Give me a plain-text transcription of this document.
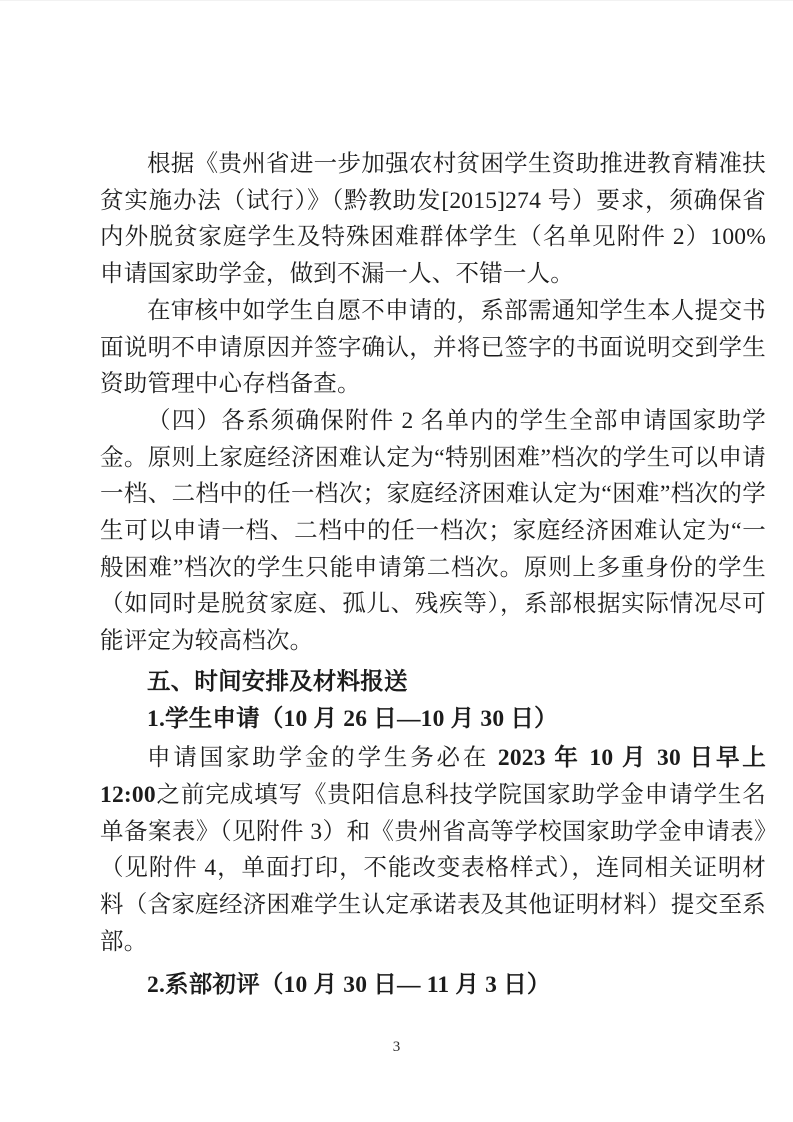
根据《贵州省进一步加强农村贫困学生资助推进教育精准扶贫实施办法（试行）》（黔教助发[2015]274 号）要求，须确保省内外脱贫家庭学生及特殊困难群体学生（名单见附件 2）100%申请国家助学金，做到不漏一人、不错一人。

在审核中如学生自愿不申请的，系部需通知学生本人提交书面说明不申请原因并签字确认，并将已签字的书面说明交到学生资助管理中心存档备查。

（四）各系须确保附件 2 名单内的学生全部申请国家助学金。原则上家庭经济困难认定为“特别困难”档次的学生可以申请一档、二档中的任一档次；家庭经济困难认定为“困难”档次的学生可以申请一档、二档中的任一档次；家庭经济困难认定为“一般困难”档次的学生只能申请第二档次。原则上多重身份的学生（如同时是脱贫家庭、孤儿、残疾等），系部根据实际情况尽可能评定为较高档次。

五、时间安排及材料报送

1.学生申请（10 月 26 日—10 月 30 日）

申请国家助学金的学生务必在 2023 年 10 月 30 日早上 12:00之前完成填写《贵阳信息科技学院国家助学金申请学生名单备案表》（见附件 3）和《贵州省高等学校国家助学金申请表》（见附件 4，单面打印，不能改变表格样式），连同相关证明材料（含家庭经济困难学生认定承诺表及其他证明材料）提交至系部。

2.系部初评（10 月 30 日— 11 月 3 日）

3
